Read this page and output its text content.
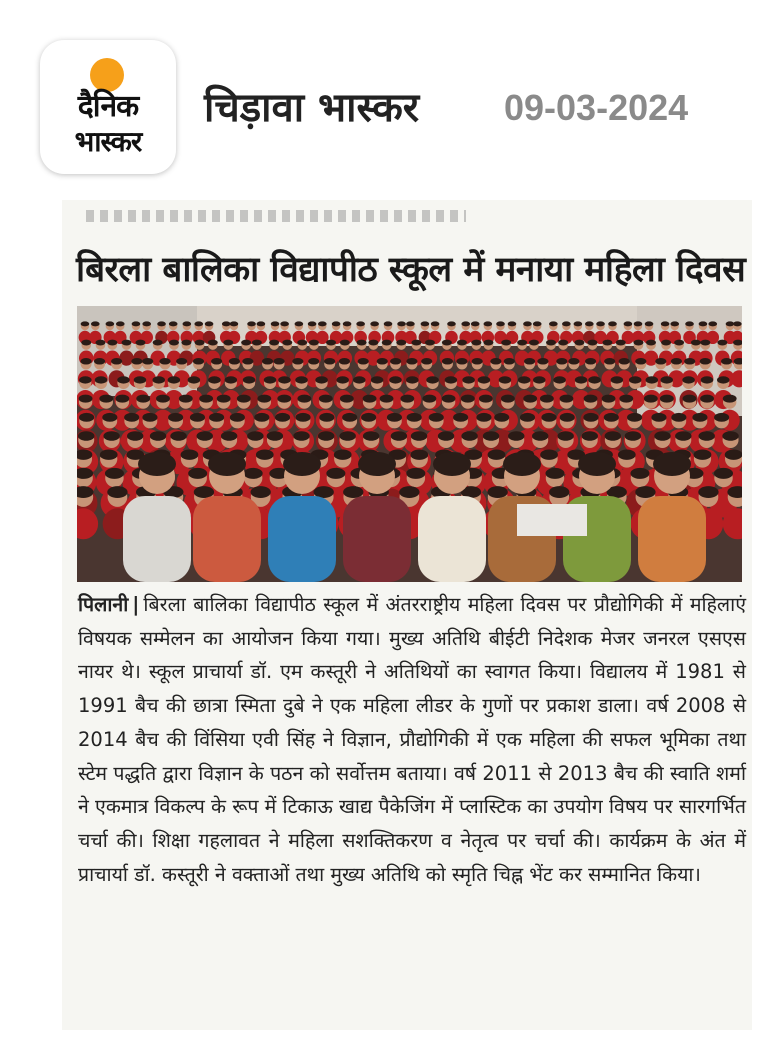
दैनिक
भास्कर
चिड़ावा भास्कर 09-03-2024
बिरला बालिका विद्यापीठ स्कूल में मनाया महिला दिवस
पिलानी | बिरला बालिका विद्यापीठ स्कूल में अंतरराष्ट्रीय महिला दिवस पर प्रौद्योगिकी में महिलाएं विषयक सम्मेलन का आयोजन किया गया। मुख्य अतिथि बीईटी निदेशक मेजर जनरल एसएस नायर थे। स्कूल प्राचार्या डॉ. एम कस्तूरी ने अतिथियों का स्वागत किया। विद्यालय में 1981 से 1991 बैच की छात्रा स्मिता दुबे ने एक महिला लीडर के गुणों पर प्रकाश डाला। वर्ष 2008 से 2014 बैच की विंसिया एवी सिंह ने विज्ञान, प्रौद्योगिकी में एक महिला की सफल भूमिका तथा स्टेम पद्धति द्वारा विज्ञान के पठन को सर्वोत्तम बताया। वर्ष 2011 से 2013 बैच की स्वाति शर्मा ने एकमात्र विकल्प के रूप में टिकाऊ खाद्य पैकेजिंग में प्लास्टिक का उपयोग विषय पर सारगर्भित चर्चा की। शिक्षा गहलावत ने महिला सशक्तिकरण व नेतृत्व पर चर्चा की। कार्यक्रम के अंत में प्राचार्या डॉ. कस्तूरी ने वक्ताओं तथा मुख्य अतिथि को स्मृति चिह्न भेंट कर सम्मानित किया।
